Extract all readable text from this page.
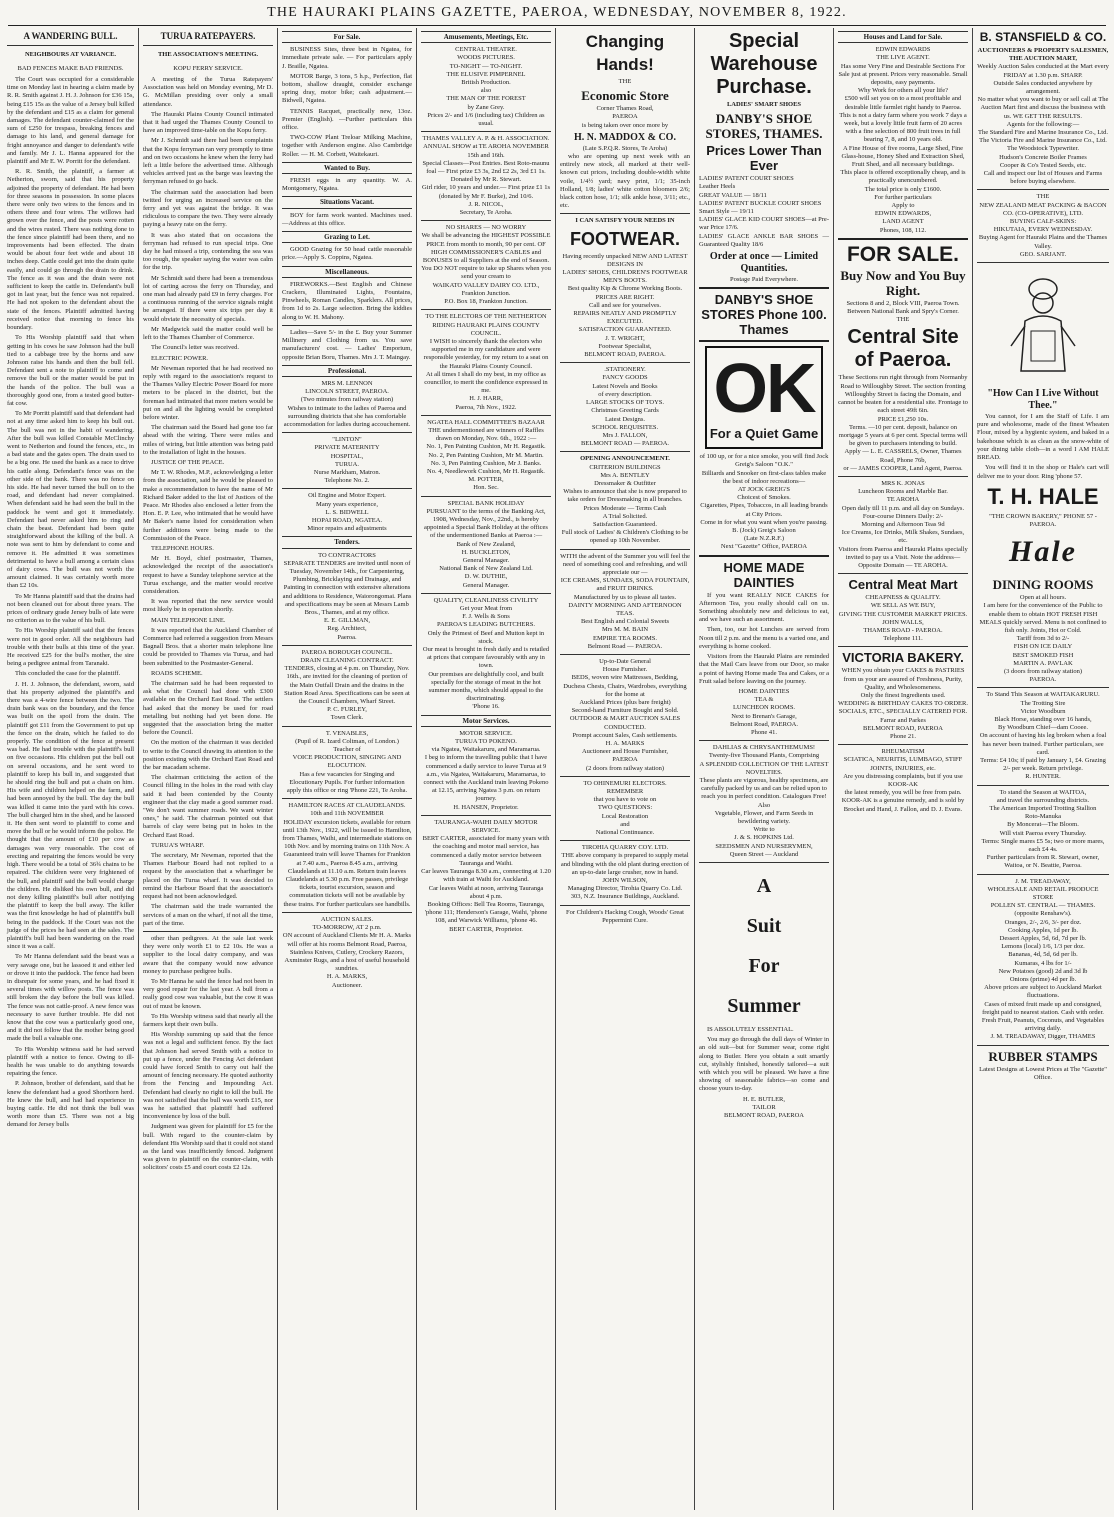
THE HAURAKI PLAINS GAZETTE, PAEROA, WEDNESDAY, NOVEMBER 8, 1922.
A WANDERING BULL.
NEIGHBOURS AT VARIANCE.
BAD FENCES MAKE BAD FRIENDS.
The Court was occupied for a considerable time on Monday last in hearing a claim made by R. R. Smith against J. H. J. Johnson for £36 15s, being £15 15s as the value of a Jersey bull killed by the defendant and £15 as a claim for general damages. The defendant counter-claimed for the sum of £250 for trespass, breaking fences and damage to his land, and general damage for fright annoyance and danger to defendant's wife and family. Mr J. L. Hanna appeared for the plaintiff and Mr E. W. Porritt for the defendant.
R. R. Smith, the plaintiff, a farmer at Netherton, sworn, said that his property adjoined the property of defendant. He had been for three seasons in possession. In some places there were only two wires to the fences and in others three and four wires. The willows had grown over the fence, and the posts were rotten and the wires rusted. There was nothing done to the fence since plaintiff had been there, and no improvements had been effected. The drain would be about four feet wide and about 18 inches deep. Cattle could get into the drain quite easily, and could go through the drain to drink. The fence as it was and the drain were not sufficient to keep the cattle in. Defendant's bull got in last year, but the fence was not repaired. He had not spoken to the defendant about the state of the fences. Plaintiff admitted having received notice that morning to fence his boundary.
To His Worship plaintiff said that when getting in his cows he saw Johnson had the bull tied to a cabbage tree by the horns and saw Johnson raise his hands and then the bull fell. Defendant sent a note to plaintiff to come and remove the bull or the matter would be put in the hands of the police. The bull was a thoroughly good one, from a tested good butter-fat cow.
To Mr Porritt plaintiff said that defendant had not at any time asked him to keep his bull out. The bull was not in the habit of wandering. After the bull was killed Constable McClinchy went to Netherton and found the fences, etc., in a bad state and the gates open. The drain used to be a big one. He used the bank as a race to drive his cattle along. Defendant's fence was on the other side of the bank. There was no fence on his side. He had never turned the bull on to the road, and defendant had never complained. When defendant said he had seen the bull in the paddock he went and got it immediately. Defendant had never asked him to ring and chain the beast. Defendant had been quite straightforward about the killing of the bull. A note was sent to him by defendant to come and remove it. He admitted it was sometimes detrimental to have a bull among a certain class of dairy cows. The bull was not worth the amount claimed. It was certainly worth more than £2 10s.
To Mr Hanna plaintiff said that the drains had not been cleaned out for about three years. The prices of ordinary grade Jersey bulls of late were no criterion as to the value of his bull.
To His Worship plaintiff said that the fences were not in good order. All the neighbours had trouble with their bulls at this time of the year. He received £25 for the bull's mother, the sire being a pedigree animal from Taranaki.
This concluded the case for the plaintiff.
J. H. J. Johnson, the defendant, sworn, said that his property adjoined the plaintiff's and there was a 4-wire fence between the two. The drain bank was on the boundary, and the fence was built on the spoil from the drain. The plaintiff got £11 from the Government to put up the fence on the drain, which he failed to do properly. The condition of the fence at present was bad. He had trouble with the plaintiff's bull on five occasions. His children put the bull out on several occasions, and he sent word to plaintiff to keep his bull in, and suggested that he should ring the bull and put a chain on him. His wife and children helped on the farm, and had been annoyed by the bull. The day the bull was killed it came into the yard with his cows. The bull charged him in the shed, and he lassoed it. He then sent word to plaintiff to come and move the bull or he would inform the police. He thought that the amount of £10 per cow as damages was very reasonable. The cost of erecting and repairing the fences would be very high. There would be a total of 36¾ chains to be repaired. The children were very frightened of the bull, and plaintiff said the bull would charge the children. He disliked his own bull, and did not deny killing plaintiff's bull after notifying the plaintiff to keep the bull away. The killer was the first knowledge he had of plaintiff's bull being in the paddock. If the Court was not the judge of the prices he had seen at the sales. The plaintiff's bull had been wandering on the road since it was a calf.
To Mr Hanna defendant said the beast was a very savage one, but he lassoed it and either led or drove it into the paddock. The fence had been in disrepair for some years, and he had fixed it several times with willow posts. The fence was still broken the day before the bull was killed. The fence was not cattle-proof. A new fence was necessary to save further trouble. He did not know that the cow was a particularly good one, and it did not follow that the mother being good made the bull a valuable one.
To His Worship witness said he had served plaintiff with a notice to fence. Owing to ill-health he was unable to do anything towards repairing the fence.
P. Johnson, brother of defendant, said that he knew the defendant had a good Shorthorn herd. He knew the bull, and had had experience in buying cattle. He did not think the bull was worth more than £5. There was not a big demand for Jersey bulls
TURUA RATEPAYERS.
THE ASSOCIATION'S MEETING.
KOPU FERRY SERVICE.
A meeting of the Turua Ratepayers' Association was held on Monday evening, Mr D. G. McMillan presiding over only a small attendance.
The Hauraki Plains County Council intimated that it had urged the Thames County Council to have an improved time-table on the Kopu ferry.
Mr J. Schmidt said there had been complaints that the Kopu ferryman ran very promptly to time and on two occasions he knew when the ferry had left a little before the advertised time. Although vehicles arrived just as the barge was leaving the ferryman refused to go back.
The chairman said the association had been twitted for urging an increased service on the ferry and yet was against the bridge. It was ridiculous to compare the two. They were already paying a heavy rate on the ferry.
It was also stated that on occasions the ferryman had refused to run special trips. One day he had missed a trip, contending the sea was too rough, the speaker saying the water was calm for the trip.
Mr Schmidt said there had been a tremendous lot of carting across the ferry on Thursday, and one man had already paid £9 in ferry charges. For a continuous running of the service signals might be arranged. If there were six trips per day it would obviate the necessity of specials.
Mr Madgwick said the matter could well be left to the Thames Chamber of Commerce.
The Council's letter was received.
ELECTRIC POWER.
Mr Newman reported that he had received no reply with regard to the association's request to the Thames Valley Electric Power Board for more meters to be placed in the district, but the foreman had intimated that more meters would be put on and all the lighting would be completed before winter.
The chairman said the Board had gone too far ahead with the wiring. There were miles and miles of wiring, but little attention was being paid to the installation of light in the houses.
JUSTICE OF THE PEACE.
Mr T. W. Rhodes, M.P., acknowledging a letter from the association, said he would be pleased to make a recommendation to have the name of Mr Richard Baker added to the list of Justices of the Peace. Mr Rhodes also enclosed a letter from the Hon. E. P. Lee, who intimated that he would have Mr Baker's name listed for consideration when further additions were being made to the Commission of the Peace.
TELEPHONE HOURS.
Mr H. Boyd, chief postmaster, Thames, acknowledged the receipt of the association's request to have a Sunday telephone service at the Turua exchange, and the matter would receive consideration.
It was reported that the new service would most likely be in operation shortly.
MAIN TELEPHONE LINE.
It was reported that the Auckland Chamber of Commerce had referred a suggestion from Messrs Bagnall Bros. that a shorter main telephone line could be provided to Thames via Turua, and had been submitted to the Postmaster-General.
ROADS SCHEME.
The chairman said he had been requested to ask what the Council had done with £300 available on the Orchard East Road. The settlers had asked that the money be used for road metalling but nothing had yet been done. He suggested that the association bring the matter before the Council.
On the motion of the chairman it was decided to write to the Council drawing its attention to the position existing with the Orchard East Road and the bar macadam scheme.
The chairman criticising the action of the Council filling in the holes in the road with clay said it had been contended by the County engineer that the clay made a good summer road. "We don't want summer roads. We want winter ones," he said. The chairman pointed out that barrels of clay were being put in holes in the Orchard East Road.
TURUA'S WHARF.
The secretary, Mr Newman, reported that the Thames Harbour Board had not replied to a request by the association that a wharfinger be placed on the Turua wharf. It was decided to remind the Harbour Board that the association's request had not been acknowledged.
The chairman said the trade warranted the services of a man on the wharf, if not all the time, part of the time.
other than pedigrees. At the sale last week they were only worth £1 to £2 10s. He was a supplier to the local dairy company, and was aware that the company would now advance money to purchase pedigree bulls.
To Mr Hanna he said the fence had not been in very good repair for the last year. A bull from a really good cow was valuable, but the cow it was out of must be known.
To His Worship witness said that nearly all the farmers kept their own bulls.
His Worship summing up said that the fence was not a legal and sufficient fence. By the fact that Johnson had served Smith with a notice to put up a fence, under the Fencing Act defendant could have forced Smith to carry out half the amount of fencing necessary. He quoted authority from the Fencing and Impounding Act. Defendant had clearly no right to kill the bull. He was not satisfied that the bull was worth £15, nor was he satisfied that plaintiff had suffered inconvenience by loss of the bull.
Judgment was given for plaintiff for £5 for the bull. With regard to the counter-claim by defendant His Worship said that it could not stand as the land was insufficiently fenced. Judgment was given to plaintiff on the counter-claim, with solicitors' costs £5 and court costs £2 12s.
For Sale.
BUSINESS Sites, three best in Ngatea, for immediate private sale. — For particulars apply J. Braille, Ngatea.
MOTOR Barge, 3 tons, 5 h.p., Perfection, flat bottom, shallow draught, consider exchange spring dray, motor bike; cash adjustment.—Bidwell, Ngatea.
TENNIS Racquet, practically new, 13oz. Premier (English). —Further particulars this office.
TWO-COW Plant Treloar Milking Machine, together with Anderson engine. Also Cambridge Roller. — H. M. Corbett, Waitekauri.
Wanted to Buy.
FRESH eggs in any quantity. W. A. Montgomery, Ngatea.
Situations Vacant.
BOY for farm work wanted. Machines used.—Address at this office.
Grazing to Let.
GOOD Grazing for 50 head cattle reasonable price.—Apply S. Coppins, Ngatea.
Miscellaneous.
FIREWORKS.—Best English and Chinese Crackers, Illuminated Lights, Fountains, Pinwheels, Roman Candles, Sparklers. All prices, from 1d to 2s. Large selection. Bring the kiddies along to W. H. Mahony.
Ladies—Save 5/- in the £. Buy your Summer Millinery and Clothing from us. You save manufacturers' cost. — Ladies' Emporium, opposite Brian Boru, Thames. Mrs J. T. Maingay.
Professional.
MRS M. LENNON
LINCOLN STREET, PAEROA.
(Two minutes from railway station)
Wishes to intimate to the ladies of Paeroa and surrounding districts that she has comfortable accommodation for ladies during accouchement.
"LINTON"
PRIVATE MATERNITY
HOSPITAL,
TURUA.
Nurse Markham, Matron.
Telephone No. 2.
Oil Engine and Motor Expert.
Many years experience,
L. S. BIDWELL
HOPAI ROAD, NGATEA.
Minor repairs and adjustments
Tenders.
TO CONTRACTORS
SEPARATE TENDERS are invited until noon of Tuesday, November 14th., for Carpentering, Plumbing, Bricklaying and Drainage, and Painting in connection with extensive alterations and additions to Residence, Waiorongomai. Plans and specifications may be seen at Messrs Lamb Bros., Thames, and at my office.
E. E. GILLMAN,
Reg. Architect,
Paeroa.
PAEROA BOROUGH COUNCIL.
DRAIN CLEANING CONTRACT.
TENDERS, closing at 4 p.m. on Thursday, Nov. 16th., are invited for the cleaning of portion of the Main Outfall Drain and the drains in the Station Road Area. Specifications can be seen at the Council Chambers, Wharf Street.
P. C. FURLEY,
Town Clerk.
T. VENABLES,
(Pupil of R. Izard Coltman, of London.)
Teacher of
VOICE PRODUCTION, SINGING AND ELOCUTION.
Has a few vacancies for Singing and Elocutionary Pupils. For further information apply this office or ring 'Phone 221, Te Aroha.
HAMILTON RACES AT CLAUDELANDS.
10th and 11th NOVEMBER
HOLIDAY excursion tickets, available for return until 13th Nov., 1922, will be issued to Hamilton, from Thames, Waihi, and intermediate stations on 10th Nov. and by morning trains on 11th Nov. A Guaranteed train will leave Thames for Frankton at 7.40 a.m., Paeroa 8.45 a.m., arriving Claudelands at 11.10 a.m. Return train leaves Claudelands at 5.30 p.m. Free passes, privilege tickets, tourist excursion, season and commutation tickets will not be available by these trains. For further particulars see handbills.
AUCTION SALES.
TO-MORROW, AT 2 p.m.
ON account of Auckland Clients Mr H. A. Marks will offer at his rooms Belmont Road, Paeroa, Stainless Knives, Cutlery, Crockery Razors, Axminster Rugs, and a host of useful household sundries.
H. A. MARKS,
Auctioneer.
Amusements, Meetings, Etc.
CENTRAL THEATRE.
WOODS PICTURES.
TO-NIGHT — TO-NIGHT.
THE ELUSIVE PIMPERNEL
British Production.
also
THE MAN OF THE FOREST
by Zane Grey.
Prices 2/- and 1/6 (including tax) Children as usual.
THAMES VALLEY A. P. & H. ASSOCIATION.
ANNUAL SHOW at TE AROHA NOVEMBER 15th and 16th.
Special Classes—Post Entries. Best Roto-maunu foal — First prize £3 3s, 2nd £2 2s, 3rd £1 1s. Donated by Mr R. Stewart.
Girl rider, 10 years and under.— First prize £1 1s (donated by Mr F. Burke), 2nd 10/6.
J. R. NICOL,
Secretary, Te Aroha.
NO SHARES — NO WORRY
We shall be advancing the HIGHEST POSSIBLE PRICE from month to month, 90 per cent. OF HIGH COMMISSIONER'S CABLES and BONUSES to all Suppliers at the end of Season. You DO NOT require to take up Shares when you send your cream to
WAIKATO VALLEY DAIRY CO. LTD.,
Frankton Junction.
P.O. Box 18, Frankton Junction.
TO THE ELECTORS OF THE NETHERTON RIDING HAURAKI PLAINS COUNTY COUNCIL.
I WISH to sincerely thank the electors who supported me in my candidature and were responsible yesterday, for my return to a seat on the Hauraki Plains County Council.
At all times I shall do my best, in my office as councillor, to merit the confidence expressed in me.
H. J. HARR,
Paeroa, 7th Nov., 1922.
NGATEA HALL COMMITTEE'S BAZAAR
THE undermentioned are winners of Raffles drawn on Monday, Nov. 6th., 1922 :—
No. 1, Pen Painting Cushion, Mr H. Regastik.
No. 2, Pen Painting Cushion, Mr M. Martin.
No. 3, Pen Painting Cushion, Mr J. Banks.
No. 4, Needlework Cushion, Mr H. Regastik.
M. POTTER,
Hon. Sec.
SPECIAL BANK HOLIDAY
PURSUANT to the terms of the Banking Act, 1908, Wednesday, Nov., 22nd., is hereby appointed a Special Bank Holiday at the offices of the undermentioned Banks at Paeroa :—
Bank of New Zealand,
H. BUCKLETON,
General Manager.
National Bank of New Zealand Ltd.
D. W. DUTHIE,
General Manager.
QUALITY, CLEANLINESS CIVILITY
Get your Meat from
F. J. Wells & Sons
PAEROA'S LEADING BUTCHERS.
Only the Primest of Beef and Mutton kept in stock.
Our meat is brought in fresh daily and is retailed at prices that compare favourably with any in town.
Our premises are delightfully cool, and built specially for the storage of meat in the hot summer months, which should appeal to the discriminating.
'Phone 16.
Motor Services.
MOTOR SERVICE.
TURUA TO POKENO.
via Ngatea, Waitakaruru, and Maramarua.
I beg to inform the travelling public that I have commenced a daily service to leave Turua at 9 a.m., via Ngatea, Waitakaruru, Maramarua, to connect with the Auckland train leaving Pokeno at 12.15, arriving Ngatea 3 p.m. on return journey.
H. HANSEN, Proprietor.
TAURANGA-WAIHI DAILY MOTOR SERVICE.
BERT CARTER, associated for many years with the coaching and motor mail service, has commenced a daily motor service between Tauranga and Waihi.
Car leaves Tauranga 8.30 a.m., connecting at 1.20 with train at Waihi for Auckland.
Car leaves Waihi at noon, arriving Tauranga about 4 p.m.
Booking Offices: Bell Tea Rooms, Tauranga, 'phone 111; Henderson's Garage, Waihi, 'phone 108, and Warwick Williams, 'phone 46.
BERT CARTER, Proprietor.
Changing Hands!
THE
Economic Store
Corner Thames Road,
PAEROA
is being taken over once more by
H. N. MADDOX & CO.
(Late S.P.Q.R. Stores, Te Aroha)
who are opening up next week with an entirely new stock, all marked at their well-known cut prices, including double-width white voile, 1/4½ yard; navy print, 1/1; 35-inch Holland, 1/8; ladies' white cotton bloomers 2/6; black cotton hose, 1/1; silk ankle hose, 3/11; etc., etc.
I CAN SATISFY YOUR NEEDS IN
FOOTWEAR.
Having recently unpacked NEW AND LATEST DESIGNS IN
LADIES' SHOES, CHILDREN'S FOOTWEAR MEN'S BOOTS.
Best quality Kip & Chrome Working Boots.
PRICES ARE RIGHT.
Call and see for yourselves.
REPAIRS NEATLY AND PROMPTLY EXECUTED.
SATISFACTION GUARANTEED.
J. T. WRIGHT,
Footwear Specialist,
BELMONT ROAD, PAEROA.
.STATIONERY.
FANCY GOODS
Latest Novels and Books
of every description.
LARGE STOCKS OF TOYS.
Christmas Greeting Cards
Latest Designs.
SCHOOL REQUISITES.
Mrs J. FALLON,
BELMONT ROAD — PAEROA.
OPENING ANNOUNCEMENT.
CRITERION BUILDINGS
Mrs A. BENTLEY
Dressmaker & Outfitter
Wishes to announce that she is now prepared to take orders for Dressmaking in all branches.
Prices Moderate — Terms Cash
A Trial Solicited.
Satisfaction Guaranteed.
Full stock of Ladies' & Children's Clothing to be opened up 10th November.
WITH the advent of the Summer you will feel the need of something cool and refreshing, and will appreciate our —
ICE CREAMS, SUNDAES, SODA FOUNTAIN, and FRUIT DRINKS.
Manufactured by us to please all tastes.
DAINTY MORNING AND AFTERNOON TEAS.
Best English and Colonial Sweets
Mrs M. M. BAIN
EMPIRE TEA ROOMS.
Belmont Road — PAEROA.
Up-to-Date General
House Furnisher.
BEDS, woven wire Mattresses, Bedding, Duchess Chests, Chairs, Wardrobes, everything for the home at
Auckland Prices (plus bare freight)
Second-hand Furniture Bought and Sold.
OUTDOOR & MART AUCTION SALES CONDUCTED.
Prompt account Sales, Cash settlements.
H. A. MARKS
Auctioneer and House Furnisher,
PAEROA
(2 doors from railway station)
TO OHINEMURI ELECTORS.
REMEMBER
that you have to vote on
TWO QUESTIONS:
Local Restoration
and
National Continuance.
TIROHIA QUARRY COY. LTD.
THE above company is prepared to supply metal and blinding with the old plant during erection of an up-to-date large crusher, now in hand.
JOHN WILSON,
Managing Director, Tirohia Quarry Co. Ltd.
303, N.Z. Insurance Buildings, Auckland.
For Children's Hacking Cough, Woods' Great Peppermint Cure.
Special Warehouse Purchase.
LADIES' SMART SHOES
DANBY'S SHOE STORES, THAMES.
Prices Lower Than Ever
LADIES' PATENT COURT SHOES
Leather Heels
GREAT VALUE — 18/11
LADIES' PATENT BUCKLE COURT SHOES
Smart Style — 19/11
LADIES' GLACE KID COURT SHOES—at Pre-war Price 17/6.
LADIES' GLACE ANKLE BAR SHOES — Guaranteed Quality 18/6
Order at once — Limited Quantities.
Postage Paid Everywhere.
DANBY'S SHOE STORES Phone 100. Thames
OK
For a Quiet Game
of 100 up, or for a nice smoke, you will find Jock Greig's Saloon "O.K."
Billiards and Snooker on first-class tables make the best of indoor recreations—
AT JOCK GREIG'S
Choicest of Smokes.
Cigarettes, Pipes, Tobaccos, in all leading brands at City Prices.
Come in for what you want when you're passing.
B. (Jock) Greig's Saloon
(Late N.Z.R.F.)
Next "Gazette" Office, PAEROA
HOME MADE DAINTIES
If you want REALLY NICE CAKES for Afternoon Tea, you really should call on us. Something absolutely new and delicious to eat, and we have such an assortment.
Then, too, our hot Lunches are served from Noon till 2 p.m. and the menu is a varied one, and everything is home cooked.
Visitors from the Hauraki Plains are reminded that the Mail Cars leave from our Door, so make a point of having Home made Tea and Cakes, or a Fruit salad before leaving on the journey.
HOME DAINTIES
TEA &
LUNCHEON ROOMS.
Next to Brenan's Garage,
Belmont Road, PAEROA.
Phone 41.
DAHLIAS & CHRYSANTHEMUMS!
Twenty-five Thousand Plants, Comprising
A SPLENDID COLLECTION OF THE LATEST NOVELTIES.
These plants are vigorous, healthy specimens, are carefully packed by us and can be relied upon to reach you in perfect condition. Catalogues Free!
Also
Vegetable, Flower, and Farm Seeds in bewildering variety.
Write to
J. & S. HOPKINS Ltd.
SEEDSMEN AND NURSERYMEN,
Queen Street — Auckland
A
Suit
For
Summer
IS ABSOLUTELY ESSENTIAL.
You may go through the dull days of Winter in an old suit—but for Summer wear, come right along to Butler. Here you obtain a suit smartly cut, stylishly finished, honestly tailored—a suit with which you will be pleased. We have a fine showing of seasonable fabrics—so come and choose yours to-day.
H. E. BUTLER,
TAILOR
BELMONT ROAD, PAEROA
Houses and Land for Sale.
EDWIN EDWARDS
THE LIVE AGENT.
Has some Very Fine and Desirable Sections For Sale just at present. Prices very reasonable. Small deposits, easy payments.
Why Work for others all your life?
£500 will set you on to a most profitable and desirable little farmlet right handy to Paeroa.
This is not a dairy farm where you work 7 days a week, but a lovely little fruit farm of 20 acres with a fine selection of 800 fruit trees in full bearing 7, 8, and 10 years old.
A Fine House of five rooms, Large Shed, Fine Glass-house, Honey Shed and Extraction Shed, Fruit Shed, and all necessary buildings.
This place is offered exceptionally cheap, and is practically unencumbered.
The total price is only £1600.
For further particulars
Apply to
EDWIN EDWARDS,
LAND AGENT
Phones, 108, 112.
FOR SALE.
Buy Now and You Buy Right.
Sections 8 and 2, Block VIII, Paeroa Town.
Between National Bank and Spry's Corner.
THE
Central Site of Paeroa.
These Sections run right through from Normanby Road to Willoughby Street. The section fronting Willoughby Street is facing the Domain, and cannot be beaten for a residential site. Frontage to each street 49ft 6in.
PRICE £1,250 10s.
Terms. —10 per cent. deposit, balance on mortgage 5 years at 6 per cent. Special terms will be given to purchasers intending to build.
Apply — L. E. CASSRELS, Owner, Thames Road, Phone 76b,
or — JAMES COOPER, Land Agent, Paeroa.
MRS K. JONAS
Luncheon Rooms and Marble Bar.
TE AROHA
Open daily till 11 p.m. and all day on Sundays.
Four-course Dinners Daily: 2/-
Morning and Afternoon Teas 9d
Ice Creams, Ice Drinks, Milk Shakes, Sundaes, etc.
Visitors from Paeroa and Hauraki Plains specially invited to pay us a Visit. Note the address—
Opposite Domain — TE AROHA.
Central Meat Mart
CHEAPNESS & QUALITY.
WE SELL AS WE BUY,
GIVING THE CUSTOMER MARKET PRICES.
JOHN WALLS,
THAMES ROAD - PAEROA.
Telephone 111.
VICTORIA BAKERY.
WHEN you obtain your CAKES & PASTRIES from us your are assured of Freshness, Purity, Quality, and Wholesomeness.
Only the finest Ingredients used.
WEDDING & BIRTHDAY CAKES TO ORDER.
SOCIALS, ETC., SPECIALLY CATERED FOR.
Farrar and Parkes
BELMONT ROAD, PAEROA
Phone 21.
RHEUMATISM
SCIATICA, NEURITIS, LUMBAGO, STIFF JOINTS, INJURIES, etc.
Are you distressing complaints, but if you use
KOOR-AK
the latest remedy, you will be free from pain.
KOOR-AK is a genuine remedy, and is sold by Brocket and Hand, J. Fallon, and D. J. Evans.
B. STANSFIELD & CO.
AUCTIONEERS & PROPERTY SALESMEN, THE AUCTION MART,
Weekly Auction Sales conducted at the Mart every FRIDAY at 1.30 p.m. SHARP.
Outside Sales conducted anywhere by arrangement.
No matter what you want to buy or sell call at The Auction Mart first and discuss the business with us. WE GET THE RESULTS.
Agents for the following:—
The Standard Fire and Marine Insurance Co., Ltd.
The Victoria Fire and Marine Insurance Co., Ltd.
The Woodstock Typewriter.
Hudson's Concrete Boiler Frames
Cooper & Co's Tested Seeds, etc.
Call and inspect our list of Houses and Farms before buying elsewhere.
THE
NEW ZEALAND MEAT PACKING & BACON CO. (CO-OPERATIVE), LTD.
BUYING CALF-SKINS:
HIKUTAIA, EVERY WEDNESDAY.
Buying Agent for Hauraki Plains and the Thames Valley.
GEO. SARJANT.
"How Can I Live Without Thee."
You cannot, for I am the Staff of Life. I am pure and wholesome, made of the finest Wheaten Flour, mixed by a hygienic system, and baked in a bakehouse which is as clean as the snow-white of your dining table cloth—in a word I AM HALE BREAD.
You will find it in the shop or Hale's cart will deliver me to your door. Ring 'phone 57.
T. H. HALE
"THE CROWN BAKERY," PHONE 57 - PAEROA.
Hale
DINING ROOMS
Open at all hours.
I am here for the convenience of the Public to enable them to obtain HOT FRESH FISH MEALS quickly served. Menu is not confined to fish only. Joints, Hot or Cold.
Tariff from 3d to 2/-
FISH ON ICE DAILY
BEST SMOKED FISH
MARTIN A. PAVLAK
(3 doors from railway station)
PAEROA.
To Stand This Season at WAITAKARURU.
The Trotting Sire
Victor Woodburn
Black Horse, standing over 16 hands,
By Woodburn Chief—dam Cooee.
On account of having his leg broken when a foal has never been trained. Further particulars, see card.
Terms: £4 10s; if paid by January 1, £4. Grazing 2/- per week. Return privilege.
R. HUNTER.
To stand the Season at WAITOA,
and travel the surrounding districts.
The American Imported Trotting Stallion
Roto-Manuka
By Moncerat—The Bloom.
Will visit Paeroa every Thursday.
Terms: Single mares £5 5s; two or more mares, each £4 4s.
Further particulars from R. Stewart, owner, Waitoa, or N. Beattie, Paeroa.
J. M. TREADAWAY,
WHOLESALE AND RETAIL PRODUCE STORE
POLLEN ST. CENTRAL — THAMES.
(opposite Renshaw's).
Oranges, 2/-, 2/6, 3/- per doz.
Cooking Apples, 1d per lb.
Dessert Apples, 5d, 6d, 7d per lb.
Lemons (local) 1/6, 1/3 per doz.
Bananas, 4d, 5d, 6d per lb.
Kumaras, 4 lbs for 1/-
New Potatoes (good) 2d and 3d lb
Onions (prime) 4d per lb.
Above prices are subject to Auckland Market fluctuations.
Cases of mixed fruit made up and consigned, freight paid to nearest station. Cash with order.
Fresh Fruit, Peanuts, Coconuts, and Vegetables arriving daily.
J. M. TREADAWAY, Digger, THAMES
RUBBER STAMPS
Latest Designs at Lowest Prices at The "Gazette" Office.
